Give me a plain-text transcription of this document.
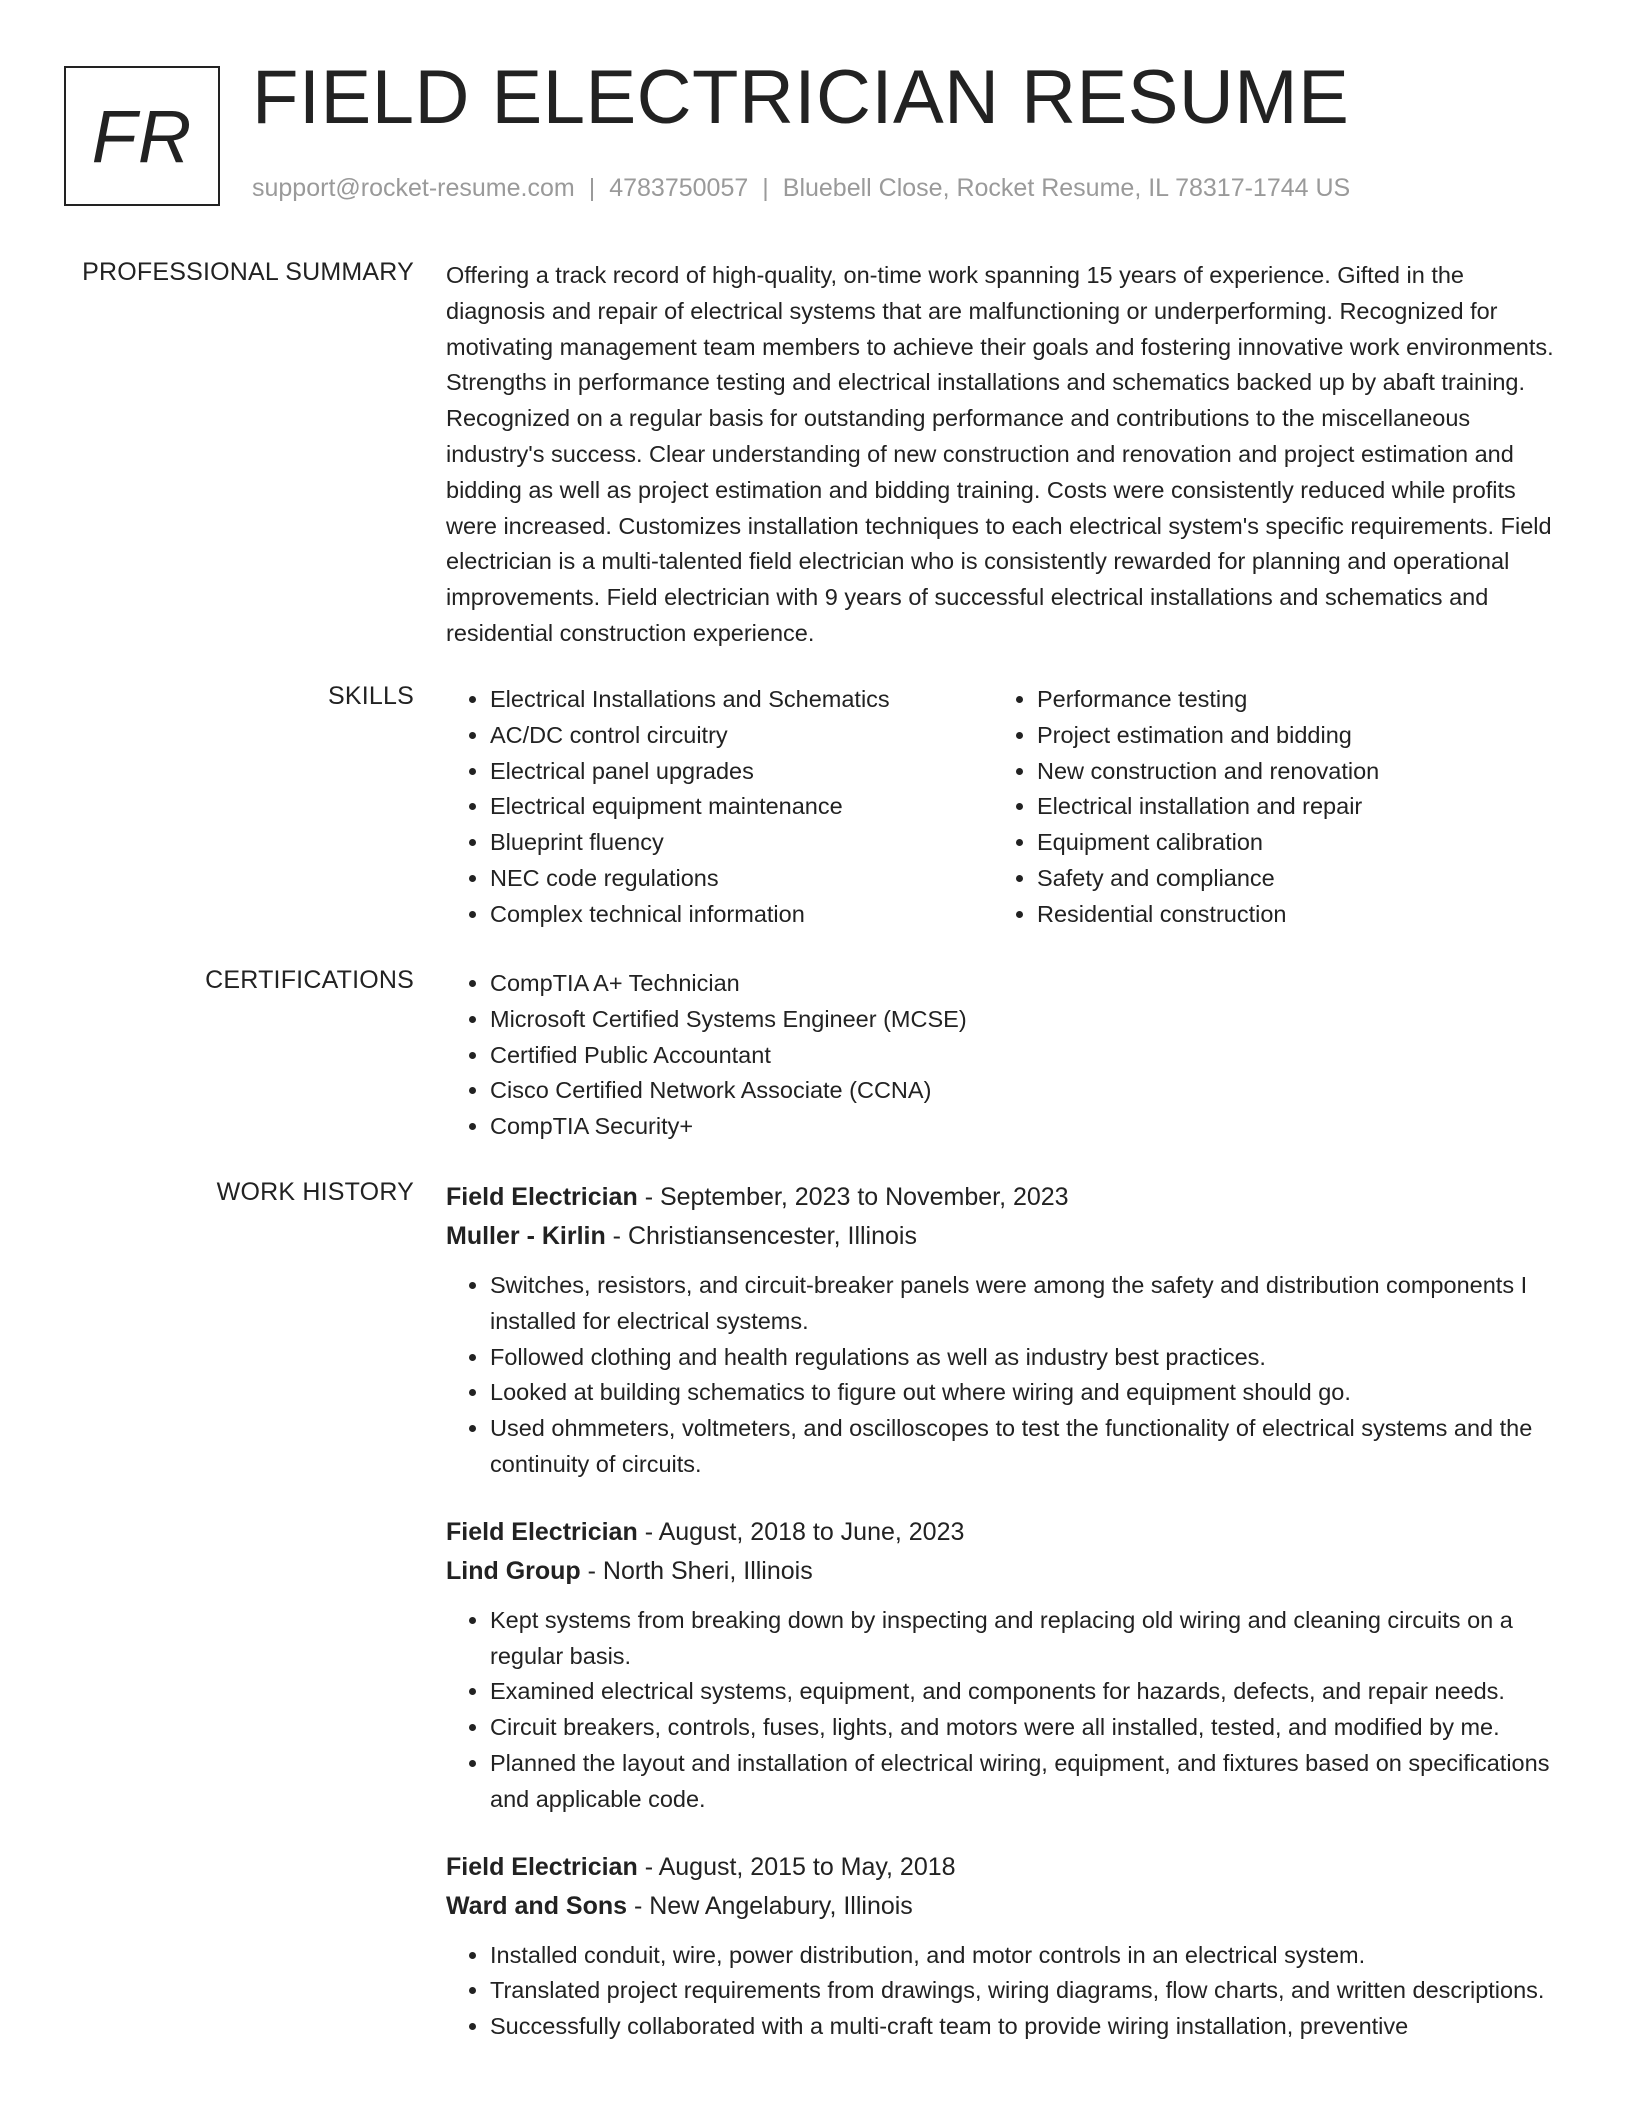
FR FIELD ELECTRICIAN RESUME
support@rocket-resume.com | 4783750057 | Bluebell Close, Rocket Resume, IL 78317-1744 US
PROFESSIONAL SUMMARY Offering a track record of high-quality, on-time work spanning 15 years of experience. Gifted in the diagnosis and repair of electrical systems that are malfunctioning or underperforming. Recognized for motivating management team members to achieve their goals and fostering innovative work environments. Strengths in performance testing and electrical installations and schematics backed up by abaft training. Recognized on a regular basis for outstanding performance and contributions to the miscellaneous industry's success. Clear understanding of new construction and renovation and project estimation and bidding as well as project estimation and bidding training. Costs were consistently reduced while profits were increased. Customizes installation techniques to each electrical system's specific requirements. Field electrician is a multi-talented field electrician who is consistently rewarded for planning and operational improvements. Field electrician with 9 years of successful electrical installations and schematics and residential construction experience.

SKILLS	• Electrical Installations and Schematics
• AC/DC control circuitry
• Electrical panel upgrades
• Electrical equipment maintenance
• Blueprint fluency
• NEC code regulations
• Complex technical information
• Performance testing
• Project estimation and bidding
• New construction and renovation
• Electrical installation and repair
• Equipment calibration
• Safety and compliance
• Residential construction
CERTIFICATIONS	• CompTIA A+ Technician
• Microsoft Certified Systems Engineer (MCSE)
• Certified Public Accountant
• Cisco Certified Network Associate (CCNA)
• CompTIA Security+
WORK HISTORY Field Electrician - September, 2023 to November, 2023

Muller - Kirlin - Christiansencester, Illinois

• Switches, resistors, and circuit-breaker panels were among the safety and distribution components I installed for electrical systems.
• Followed clothing and health regulations as well as industry best practices.
• Looked at building schematics to figure out where wiring and equipment should go.
• Used ohmmeters, voltmeters, and oscilloscopes to test the functionality of electrical systems and the continuity of circuits.

Field Electrician - August, 2018 to June, 2023

Lind Group - North Sheri, Illinois

• Kept systems from breaking down by inspecting and replacing old wiring and cleaning circuits on a regular basis.
• Examined electrical systems, equipment, and components for hazards, defects, and repair needs.
• Circuit breakers, controls, fuses, lights, and motors were all installed, tested, and modified by me.
• Planned the layout and installation of electrical wiring, equipment, and fixtures based on specifications and applicable code.

Field Electrician - August, 2015 to May, 2018

Ward and Sons - New Angelabury, Illinois

• Installed conduit, wire, power distribution, and motor controls in an electrical system.
• Translated project requirements from drawings, wiring diagrams, flow charts, and written descriptions.
• Successfully collaborated with a multi-craft team to provide wiring installation, preventive
